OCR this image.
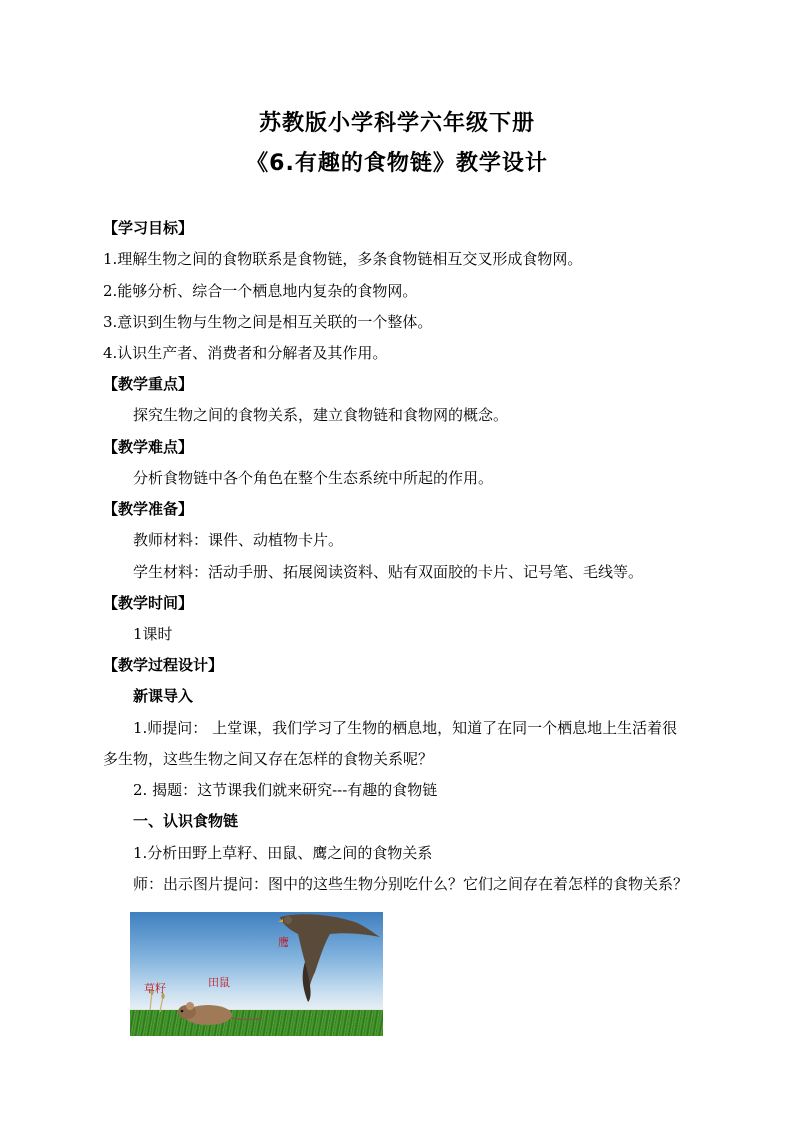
苏教版小学科学六年级下册
《6.有趣的食物链》教学设计
【学习目标】
1.理解生物之间的食物联系是食物链，多条食物链相互交叉形成食物网。
2.能够分析、综合一个栖息地内复杂的食物网。
3.意识到生物与生物之间是相互关联的一个整体。
4.认识生产者、消费者和分解者及其作用。
【教学重点】
探究生物之间的食物关系，建立食物链和食物网的概念。
【教学难点】
分析食物链中各个角色在整个生态系统中所起的作用。
【教学准备】
教师材料：课件、动植物卡片。
学生材料：活动手册、拓展阅读资料、贴有双面胶的卡片、记号笔、毛线等。
【教学时间】
1课时
【教学过程设计】
新课导入
1.师提问： 上堂课，我们学习了生物的栖息地，知道了在同一个栖息地上生活着很
多生物，这些生物之间又存在怎样的食物关系呢？
2. 揭题：这节课我们就来研究---有趣的食物链
一、认识食物链
1.分析田野上草籽、田鼠、鹰之间的食物关系
师：出示图片提问：图中的这些生物分别吃什么？它们之间存在着怎样的食物关系？
鹰
田鼠
草籽
